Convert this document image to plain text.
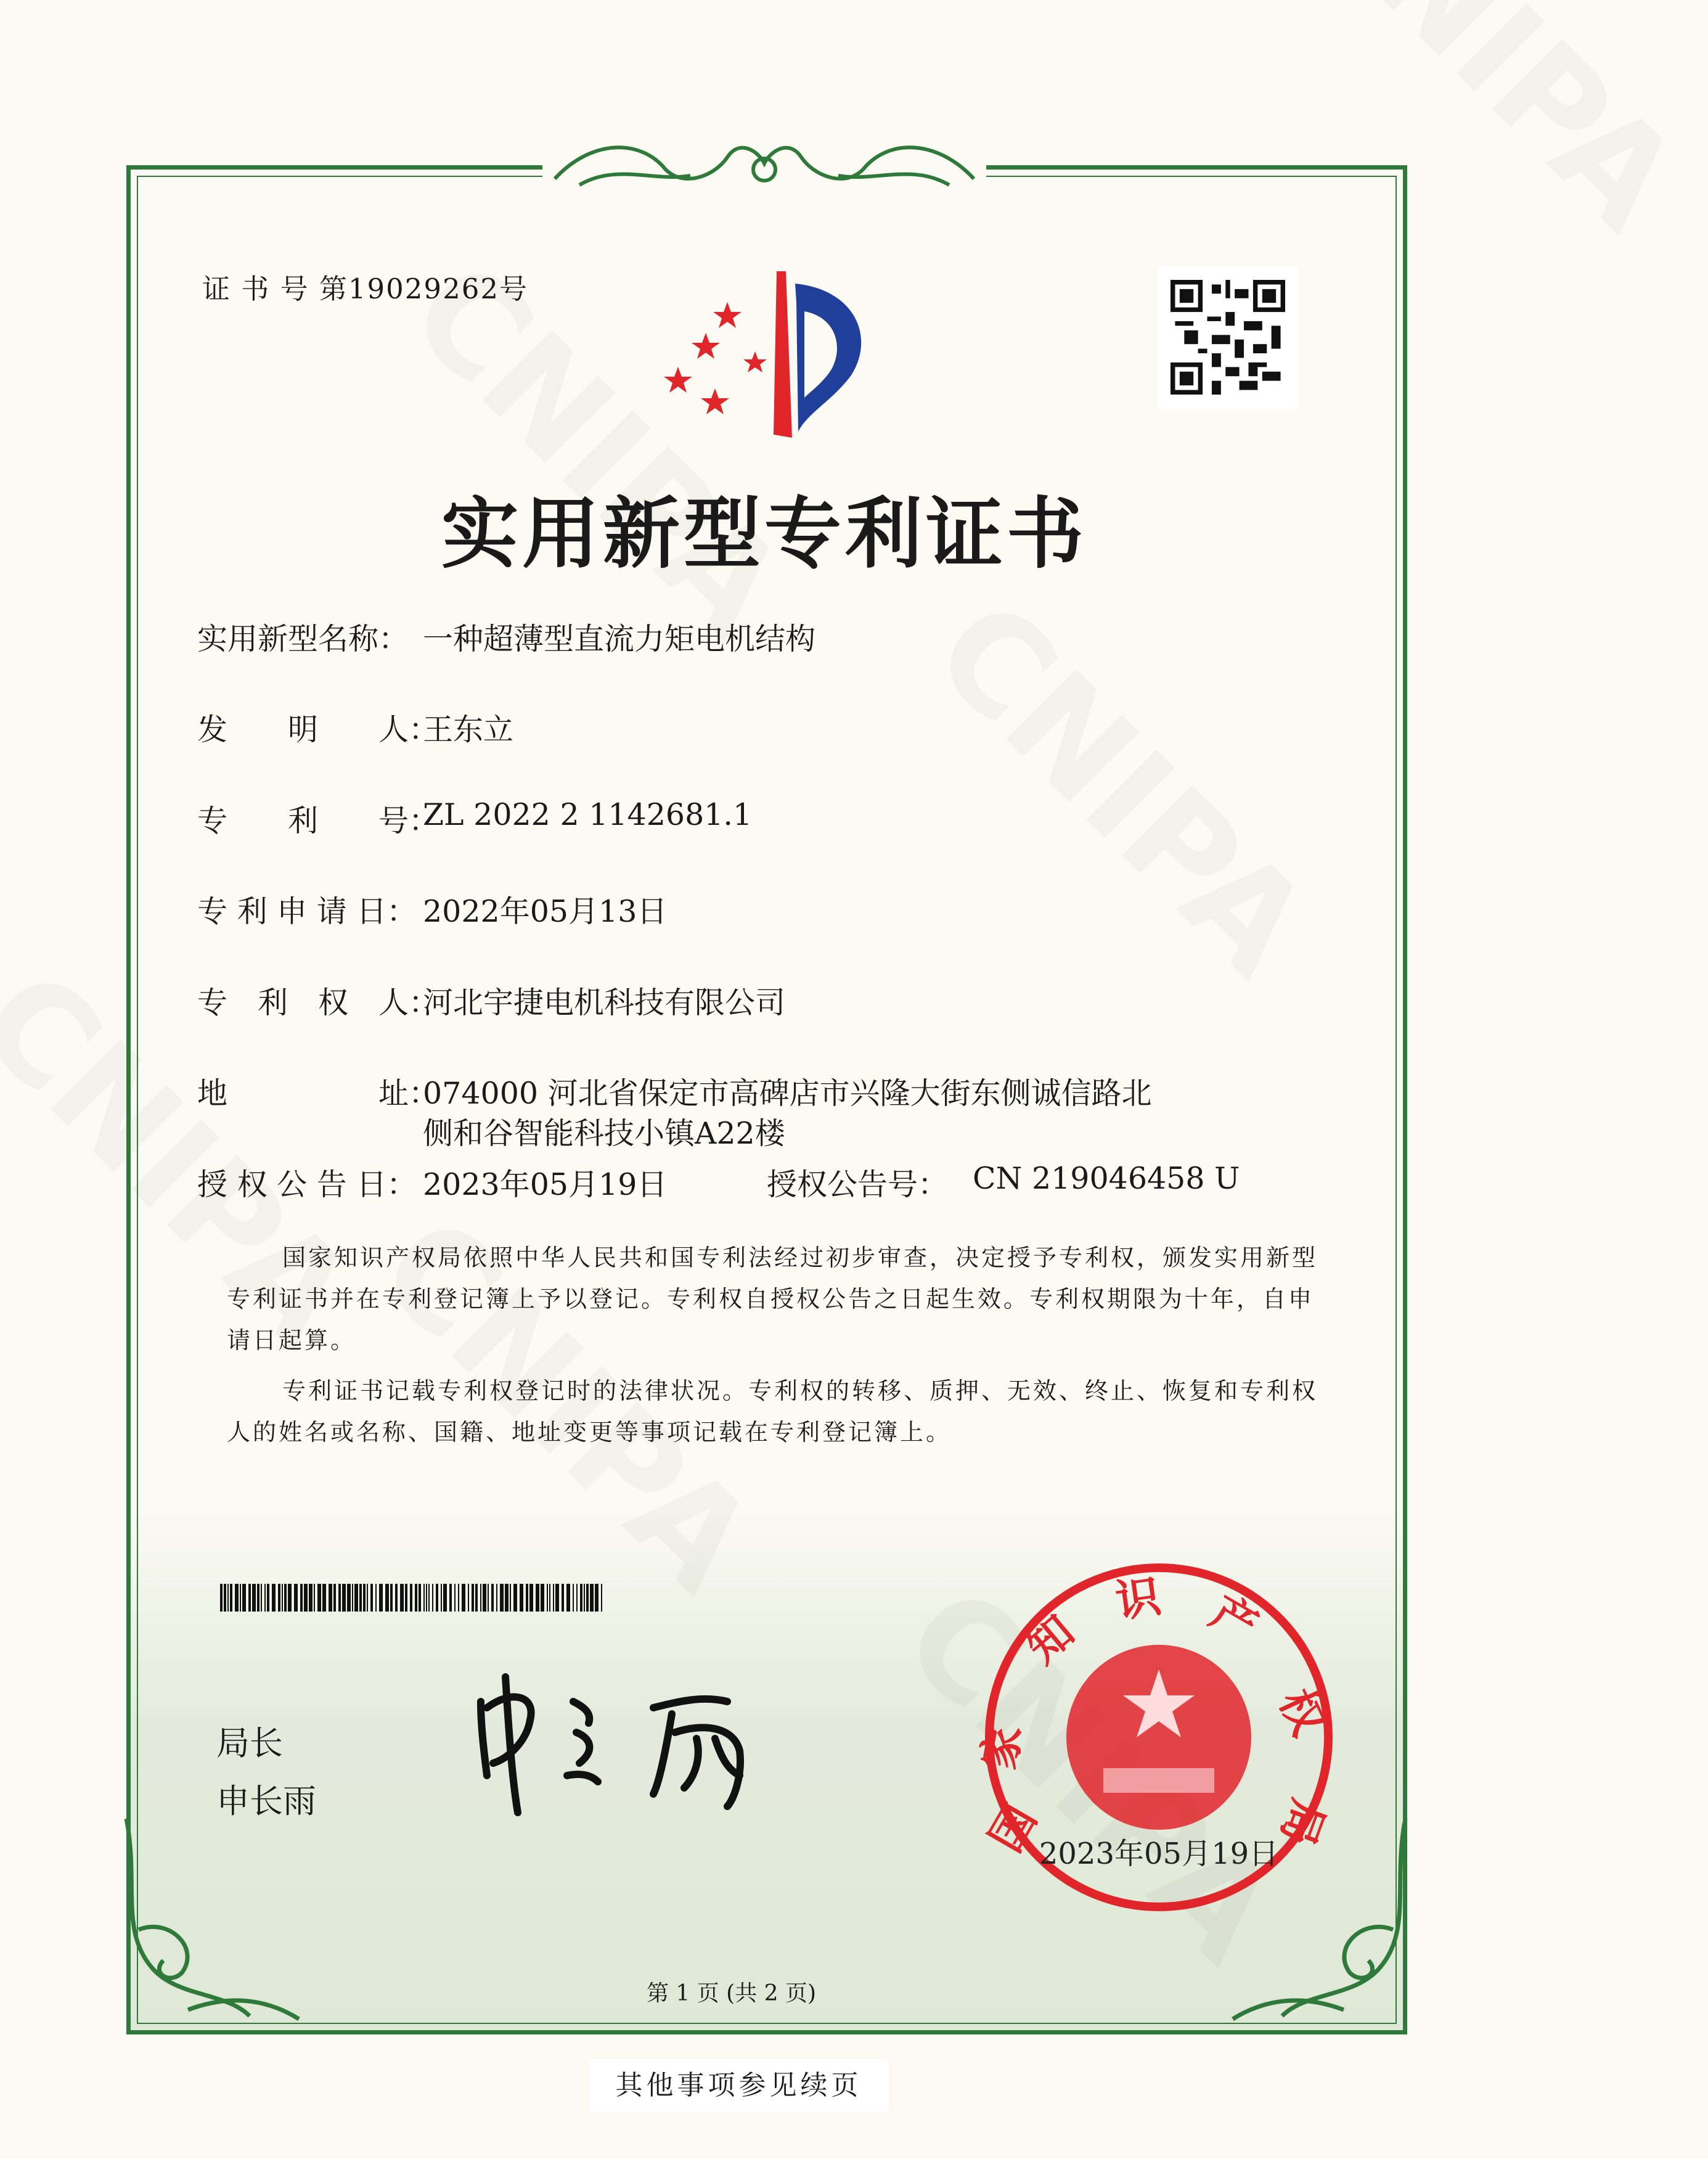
证 书 号 第19029262号
实用新型专利证书
实用新型名称： 一种超薄型直流力矩电机结构
发　　明　　人：
王东立
专　　利　　号：
ZL 2022 2 1142681.1
专 利 申 请 日： 2022年05月13日
专　利　权　人：
河北宇捷电机科技有限公司
地　　　　　址：
074000 河北省保定市高碑店市兴隆大街东侧诚信路北
侧和谷智能科技小镇A22楼
授 权 公 告 日： 2023年05月19日	授权公告号： CN 219046458 U
国家知识产权局依照中华人民共和国专利法经过初步审查，决定授予专利权，颁发实用新型专利证书并在专利登记簿上予以登记。专利权自授权公告之日起生效。专利权期限为十年，自申请日起算。
专利证书记载专利权登记时的法律状况。专利权的转移、质押、无效、终止、恢复和专利权人的姓名或名称、国籍、地址变更等事项记载在专利登记簿上。
局长
申长雨	国
家
知
识 产
权
局
2023年05月19日
第 1 页 (共 2 页)
其他事项参见续页
